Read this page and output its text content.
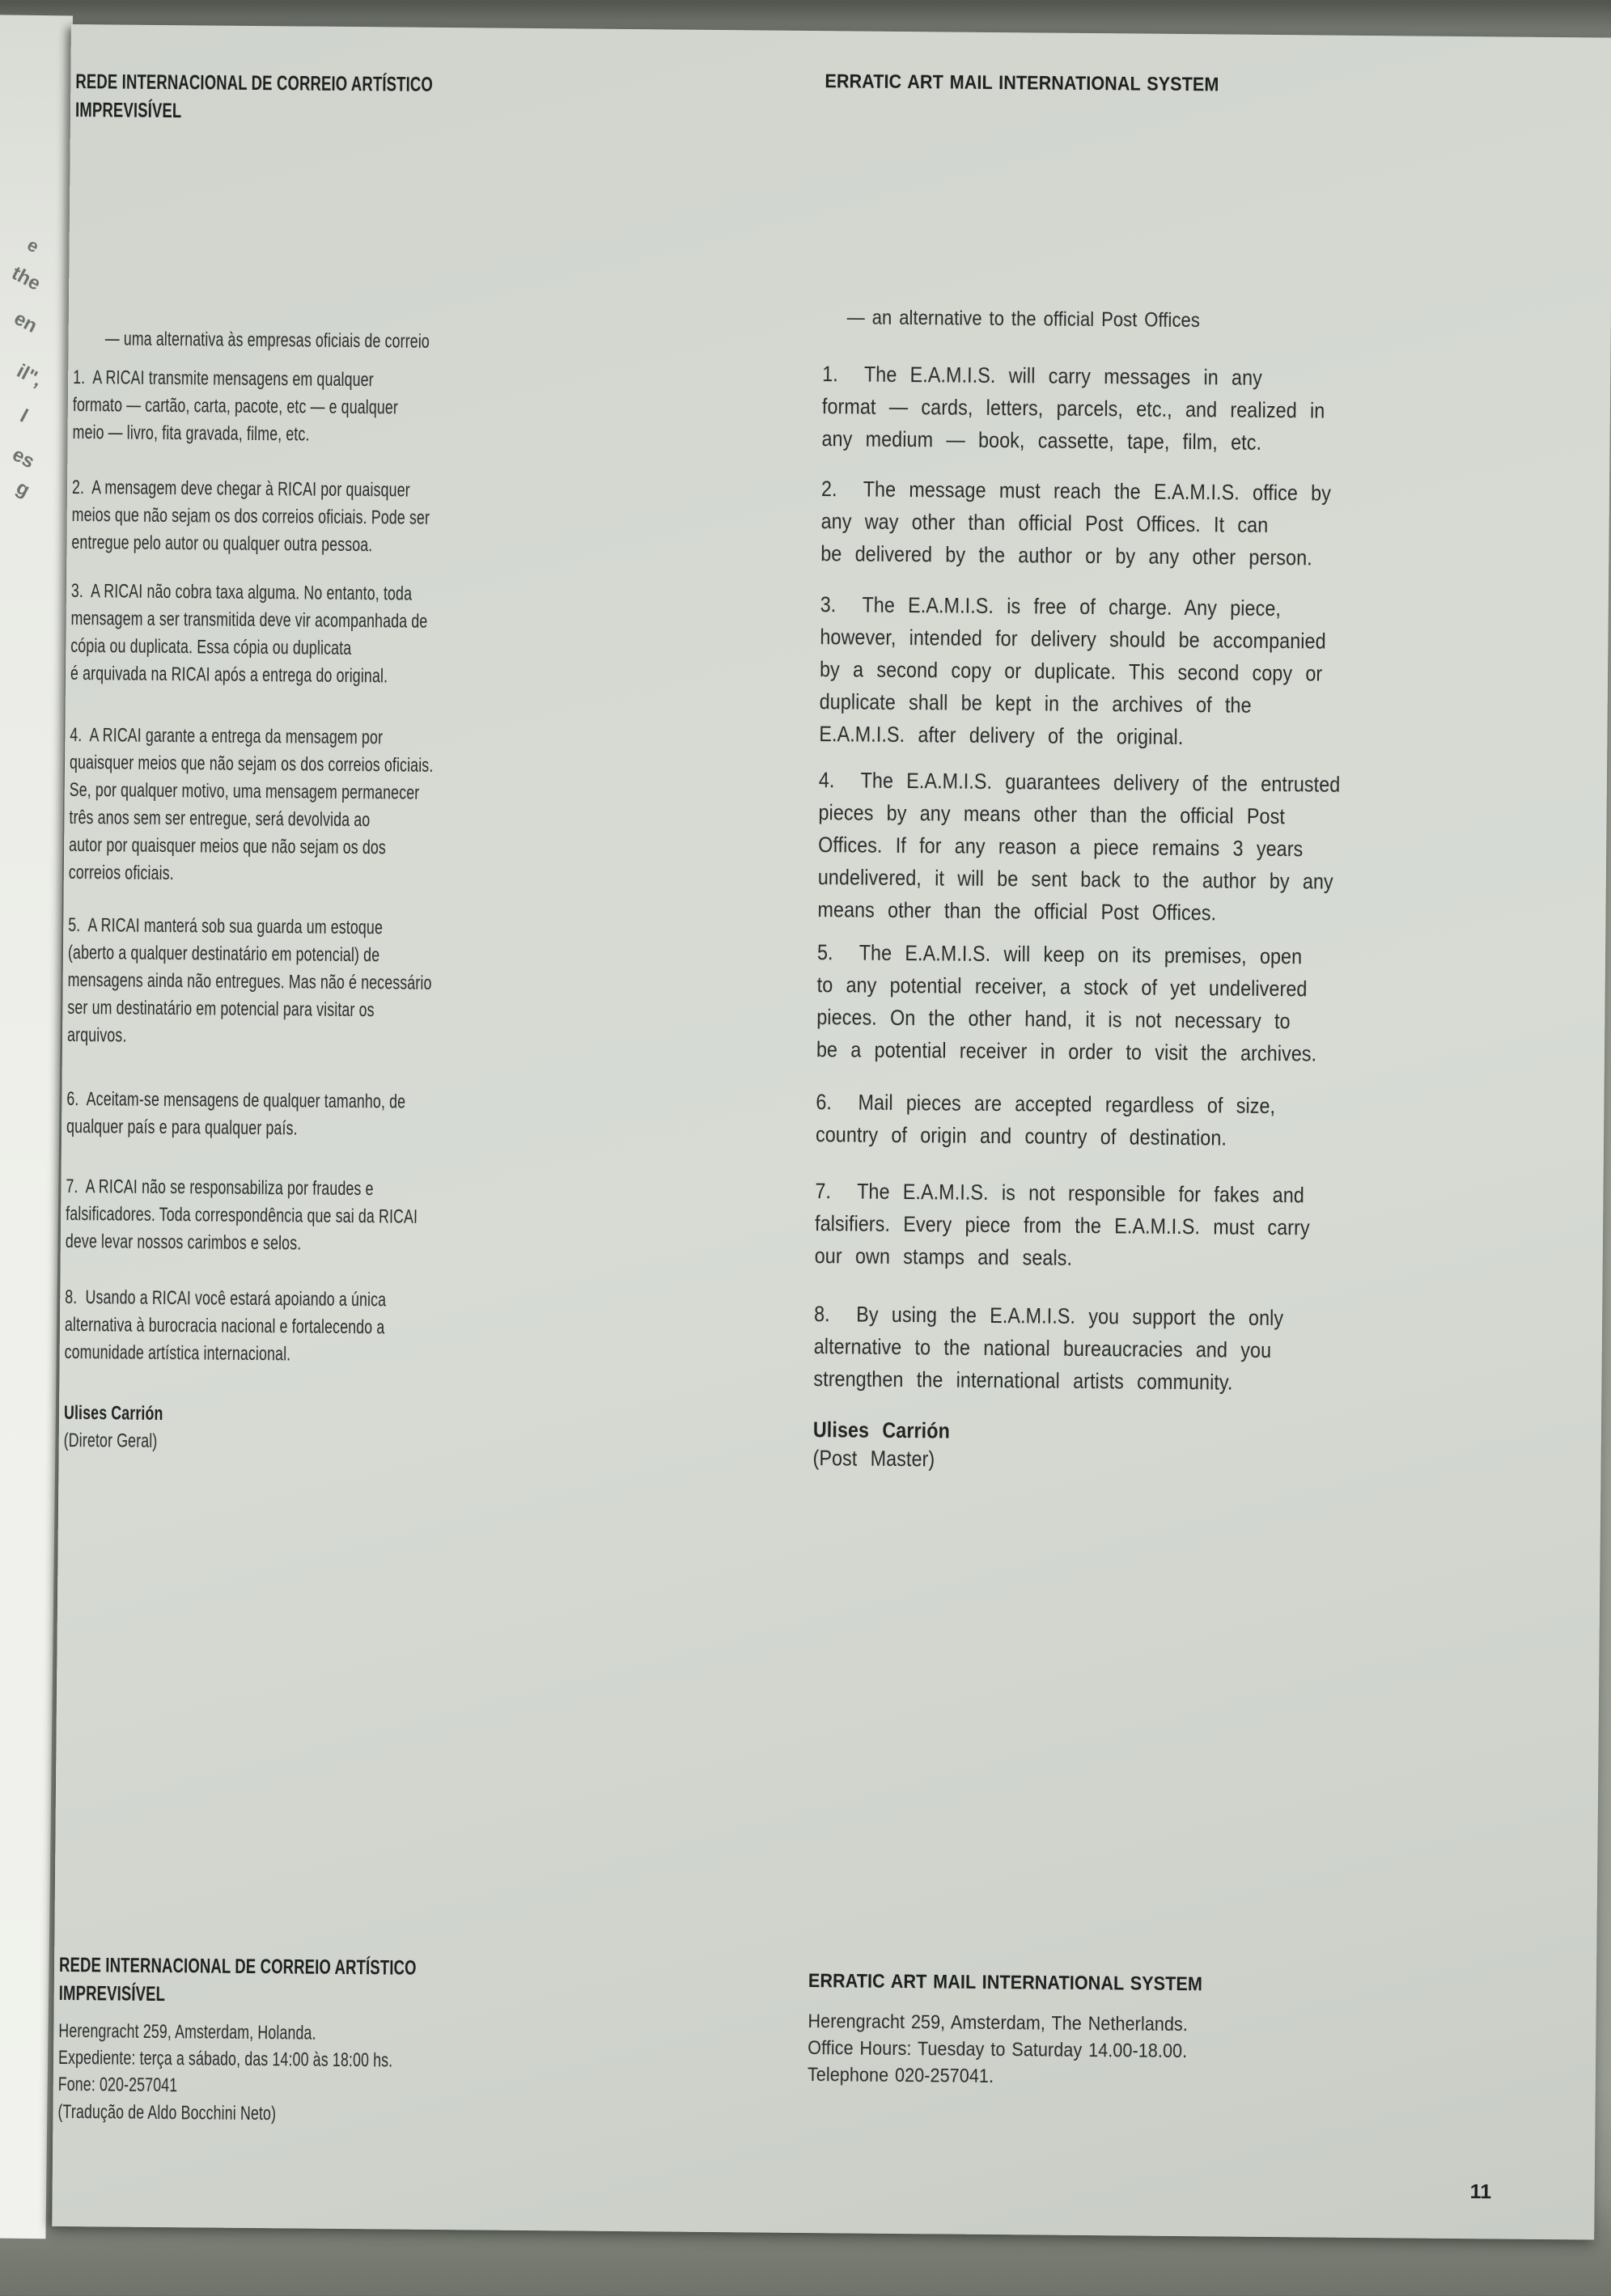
e
the
en
il",
l
es
g
REDE INTERNACIONAL DE CORREIO ARTÍSTICO
IMPREVISÍVEL
— uma alternativa às empresas oficiais de correio
1.  A RICAI transmite mensagens em qualquer
formato — cartão, carta, pacote, etc — e qualquer
meio — livro, fita gravada, filme, etc.
2.  A mensagem deve chegar à RICAI por quaisquer
meios que não sejam os dos correios oficiais. Pode ser
entregue pelo autor ou qualquer outra pessoa.
3.  A RICAI não cobra taxa alguma. No entanto, toda
mensagem a ser transmitida deve vir acompanhada de
cópia ou duplicata. Essa cópia ou duplicata
é arquivada na RICAI após a entrega do original.
4.  A RICAI garante a entrega da mensagem por
quaisquer meios que não sejam os dos correios oficiais.
Se, por qualquer motivo, uma mensagem permanecer
três anos sem ser entregue, será devolvida ao
autor por quaisquer meios que não sejam os dos
correios oficiais.
5.  A RICAI manterá sob sua guarda um estoque
(aberto a qualquer destinatário em potencial) de
mensagens ainda não entregues. Mas não é necessário
ser um destinatário em potencial para visitar os
arquivos.
6.  Aceitam-se mensagens de qualquer tamanho, de
qualquer país e para qualquer país.
7.  A RICAI não se responsabiliza por fraudes e
falsificadores. Toda correspondência que sai da RICAI
deve levar nossos carimbos e selos.
8.  Usando a RICAI você estará apoiando a única
alternativa à burocracia nacional e fortalecendo a
comunidade artística internacional.
Ulises Carrión
(Diretor Geral)
REDE INTERNACIONAL DE CORREIO ARTÍSTICO
IMPREVISÍVEL
Herengracht 259, Amsterdam, Holanda.
Expediente: terça a sábado, das 14:00 às 18:00 hs.
Fone: 020-257041
(Tradução de Aldo Bocchini Neto)
ERRATIC ART MAIL INTERNATIONAL SYSTEM
— an alternative to the official Post Offices
1.  The E.A.M.I.S. will carry messages in any
format — cards, letters, parcels, etc., and realized in
any medium — book, cassette, tape, film, etc.
2.  The message must reach the E.A.M.I.S. office by
any way other than official Post Offices. It can
be delivered by the author or by any other person.
3.  The E.A.M.I.S. is free of charge. Any piece,
however, intended for delivery should be accompanied
by a second copy or duplicate. This second copy or
duplicate shall be kept in the archives of the
E.A.M.I.S. after delivery of the original.
4.  The E.A.M.I.S. guarantees delivery of the entrusted
pieces by any means other than the official Post
Offices. If for any reason a piece remains 3 years
undelivered, it will be sent back to the author by any
means other than the official Post Offices.
5.  The E.A.M.I.S. will keep on its premises, open
to any potential receiver, a stock of yet undelivered
pieces. On the other hand, it is not necessary to
be a potential receiver in order to visit the archives.
6.  Mail pieces are accepted regardless of size,
country of origin and country of destination.
7.  The E.A.M.I.S. is not responsible for fakes and
falsifiers. Every piece from the E.A.M.I.S. must carry
our own stamps and seals.
8.  By using the E.A.M.I.S. you support the only
alternative to the national bureaucracies and you
strengthen the international artists community.
Ulises Carrión
(Post Master)
ERRATIC ART MAIL INTERNATIONAL SYSTEM
Herengracht 259, Amsterdam, The Netherlands.
Office Hours: Tuesday to Saturday 14.00-18.00.
Telephone 020-257041.
11
